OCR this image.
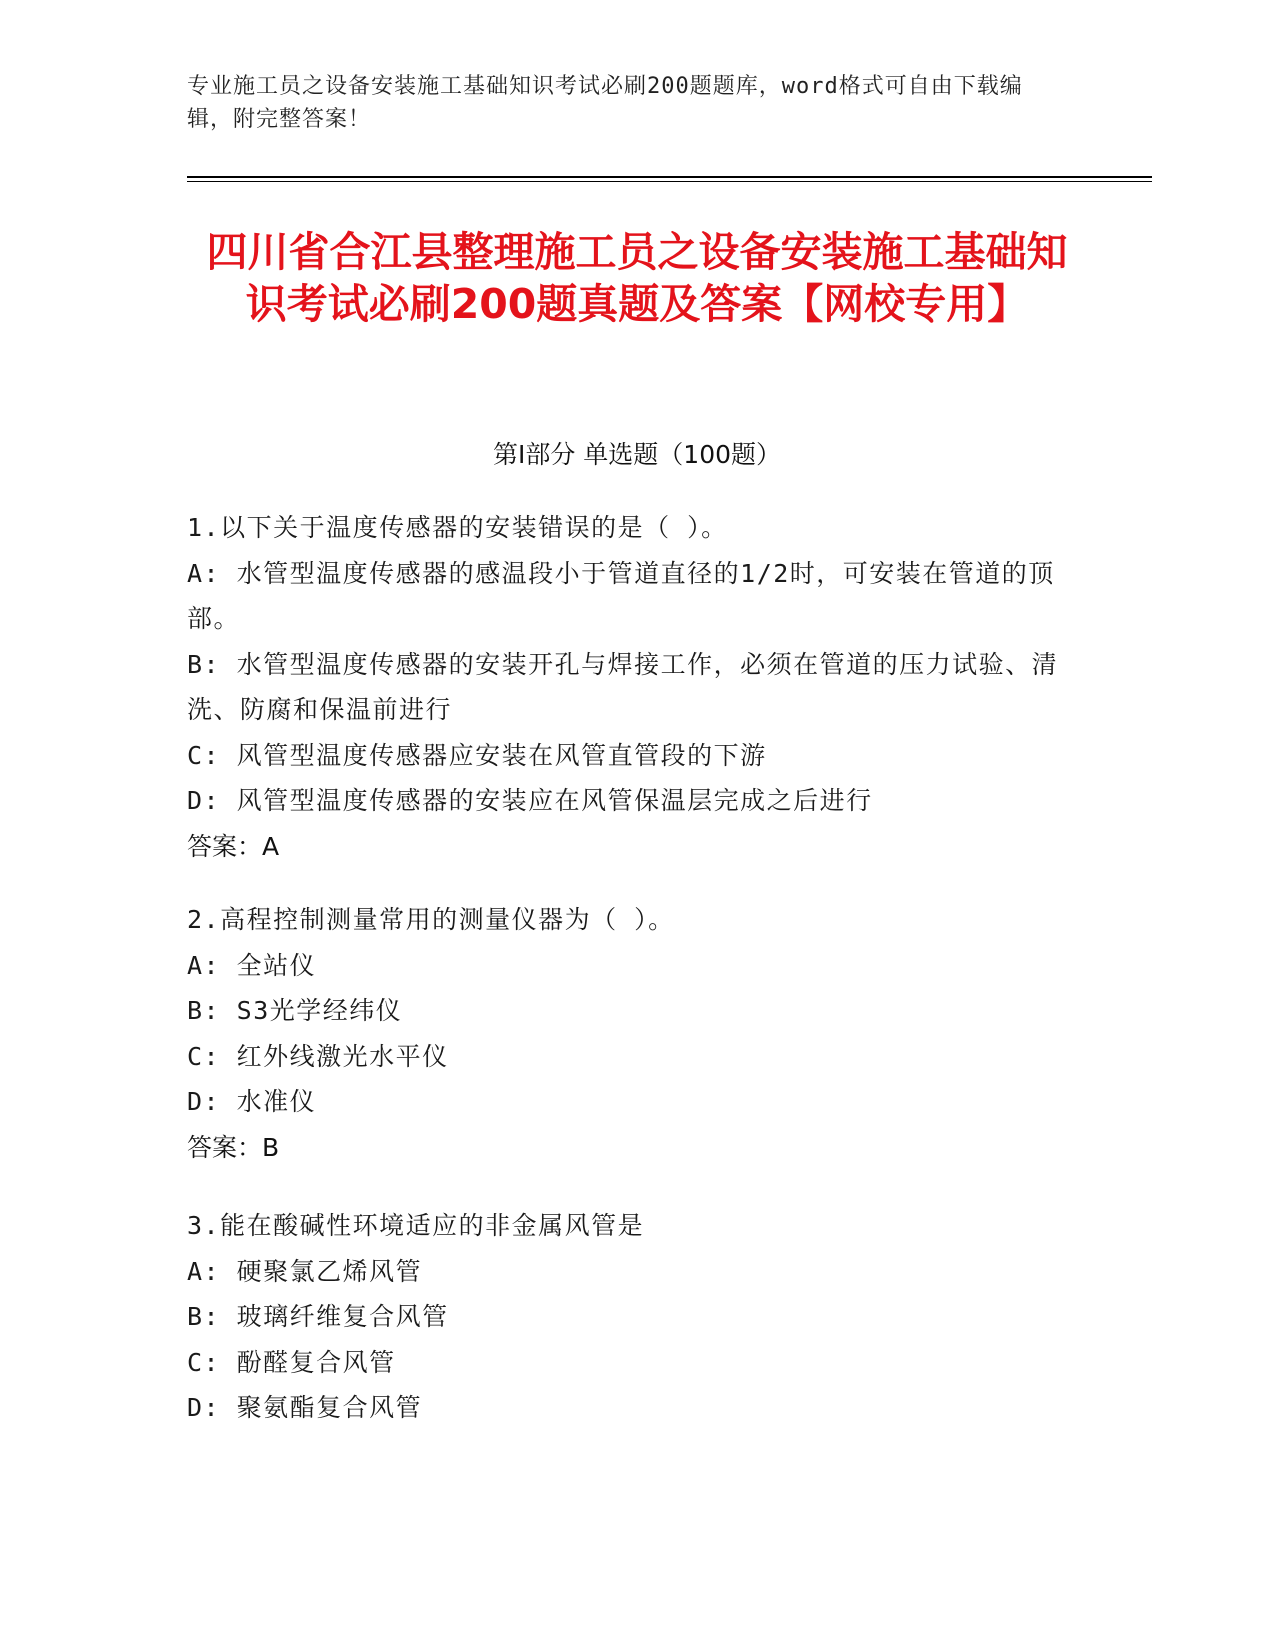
专业施工员之设备安装施工基础知识考试必刷200题题库，word格式可自由下载编辑，附完整答案！
四川省合江县整理施工员之设备安装施工基础知识考试必刷200题真题及答案【网校专用】
第Ⅰ部分 单选题（100题）

1.以下关于温度传感器的安装错误的是（ ）。

A: 水管型温度传感器的感温段小于管道直径的1/2时，可安装在管道的顶部。

B: 水管型温度传感器的安装开孔与焊接工作，必须在管道的压力试验、清洗、防腐和保温前进行

C: 风管型温度传感器应安装在风管直管段的下游

D: 风管型温度传感器的安装应在风管保温层完成之后进行

答案：A

2.高程控制测量常用的测量仪器为（ ）。

A: 全站仪

B: S3光学经纬仪

C: 红外线激光水平仪

D: 水准仪

答案：B

3.能在酸碱性环境适应的非金属风管是

A: 硬聚氯乙烯风管

B: 玻璃纤维复合风管

C: 酚醛复合风管

D: 聚氨酯复合风管
